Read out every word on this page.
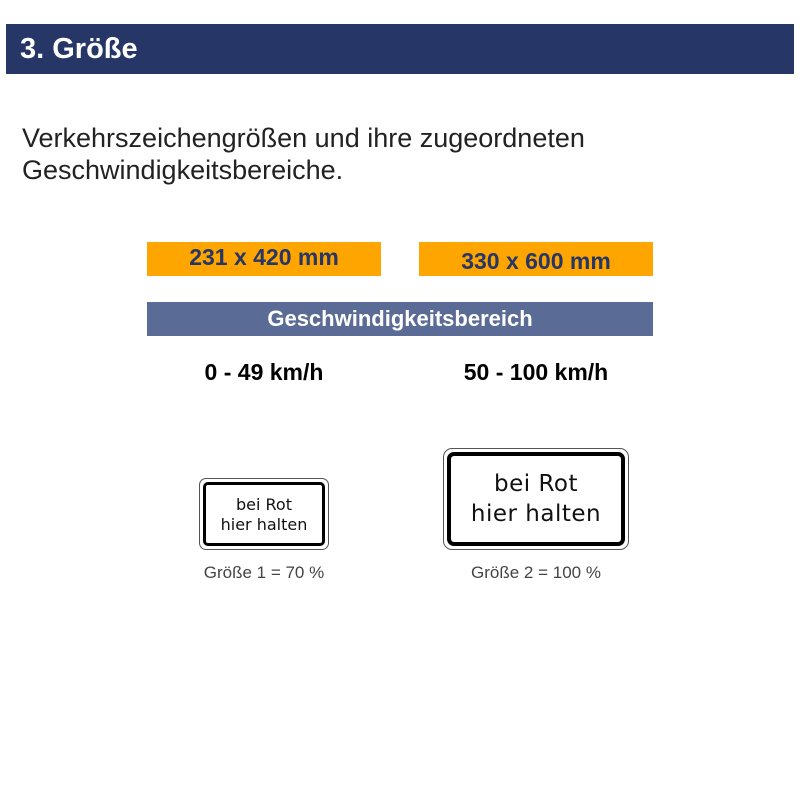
3. Größe
Verkehrszeichengrößen und ihre zugeordneten
Geschwindigkeitsbereiche.
231 x 420 mm	330 x 600 mm
Geschwindigkeitsbereich
0 - 49 km/h	50 - 100 km/h
bei Rot
hier halten
bei Rot
hier halten
Größe 1 = 70 %	Größe 2 = 100 %
